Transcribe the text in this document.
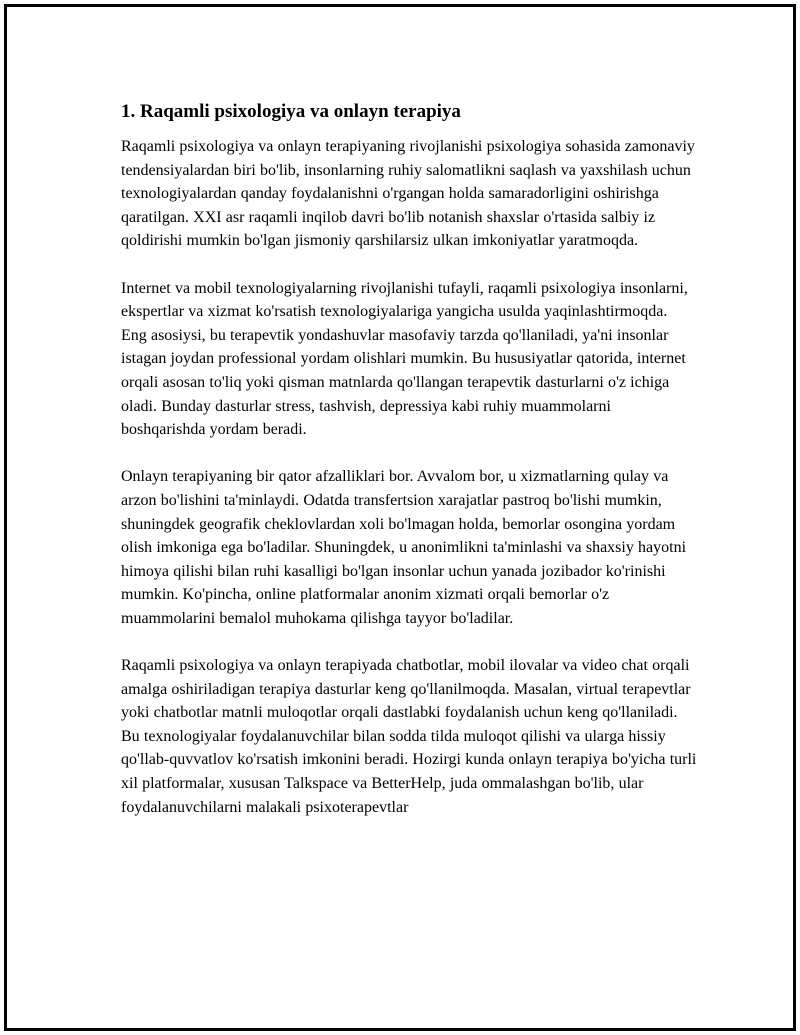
1. Raqamli psixologiya va onlayn terapiya

Raqamli psixologiya va onlayn terapiyaning rivojlanishi psixologiya sohasida zamonaviy tendensiyalardan biri bo'lib, insonlarning ruhiy salomatlikni saqlash va yaxshilash uchun texnologiyalardan qanday foydalanishni o'rgangan holda samaradorligini oshirishga qaratilgan. XXI asr raqamli inqilob davri bo'lib notanish shaxslar o'rtasida salbiy iz qoldirishi mumkin bo'lgan jismoniy qarshilarsiz ulkan imkoniyatlar yaratmoqda.

Internet va mobil texnologiyalarning rivojlanishi tufayli, raqamli psixologiya insonlarni, ekspertlar va xizmat ko'rsatish texnologiyalariga yangicha usulda yaqinlashtirmoqda. Eng asosiysi, bu terapevtik yondashuvlar masofaviy tarzda qo'llaniladi, ya'ni insonlar istagan joydan professional yordam olishlari mumkin. Bu hususiyatlar qatorida, internet orqali asosan to'liq yoki qisman matnlarda qo'llangan terapevtik dasturlarni o'z ichiga oladi. Bunday dasturlar stress, tashvish, depressiya kabi ruhiy muammolarni boshqarishda yordam beradi.

Onlayn terapiyaning bir qator afzalliklari bor. Avvalom bor, u xizmatlarning qulay va arzon bo'lishini ta'minlaydi. Odatda transfertsion xarajatlar pastroq bo'lishi mumkin, shuningdek geografik cheklovlardan xoli bo'lmagan holda, bemorlar osongina yordam olish imkoniga ega bo'ladilar. Shuningdek, u anonimlikni ta'minlashi va shaxsiy hayotni himoya qilishi bilan ruhi kasalligi bo'lgan insonlar uchun yanada jozibador ko'rinishi mumkin. Ko'pincha, online platformalar anonim xizmati orqali bemorlar o'z muammolarini bemalol muhokama qilishga tayyor bo'ladilar.

Raqamli psixologiya va onlayn terapiyada chatbotlar, mobil ilovalar va video chat orqali amalga oshiriladigan terapiya dasturlar keng qo'llanilmoqda. Masalan, virtual terapevtlar yoki chatbotlar matnli muloqotlar orqali dastlabki foydalanish uchun keng qo'llaniladi. Bu texnologiyalar foydalanuvchilar bilan sodda tilda muloqot qilishi va ularga hissiy qo'llab-quvvatlov ko'rsatish imkonini beradi. Hozirgi kunda onlayn terapiya bo'yicha turli xil platformalar, xususan Talkspace va BetterHelp, juda ommalashgan bo'lib, ular foydalanuvchilarni malakali psixoterapevtlar
